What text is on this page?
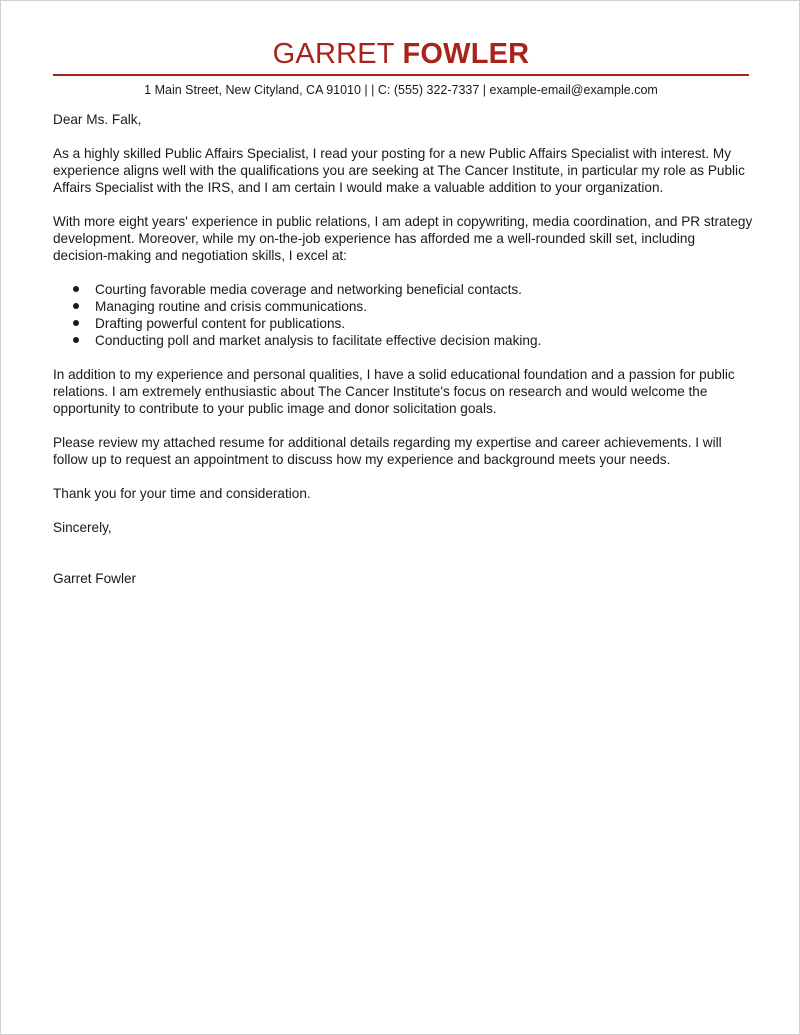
GARRET FOWLER
1 Main Street, New Cityland, CA 91010 | | C: (555) 322-7337 | example-email@example.com

Dear Ms. Falk,

As a highly skilled Public Affairs Specialist, I read your posting for a new Public Affairs Specialist with interest. My experience aligns well with the qualifications you are seeking at The Cancer Institute, in particular my role as Public Affairs Specialist with the IRS, and I am certain I would make a valuable addition to your organization.

With more eight years' experience in public relations, I am adept in copywriting, media coordination, and PR strategy development. Moreover, while my on-the-job experience has afforded me a well-rounded skill set, including decision-making and negotiation skills, I excel at:

Courting favorable media coverage and networking beneficial contacts.
Managing routine and crisis communications.
Drafting powerful content for publications.
Conducting poll and market analysis to facilitate effective decision making.

In addition to my experience and personal qualities, I have a solid educational foundation and a passion for public relations. I am extremely enthusiastic about The Cancer Institute's focus on research and would welcome the opportunity to contribute to your public image and donor solicitation goals.

Please review my attached resume for additional details regarding my expertise and career achievements. I will follow up to request an appointment to discuss how my experience and background meets your needs.

Thank you for your time and consideration.

Sincerely,

Garret Fowler
